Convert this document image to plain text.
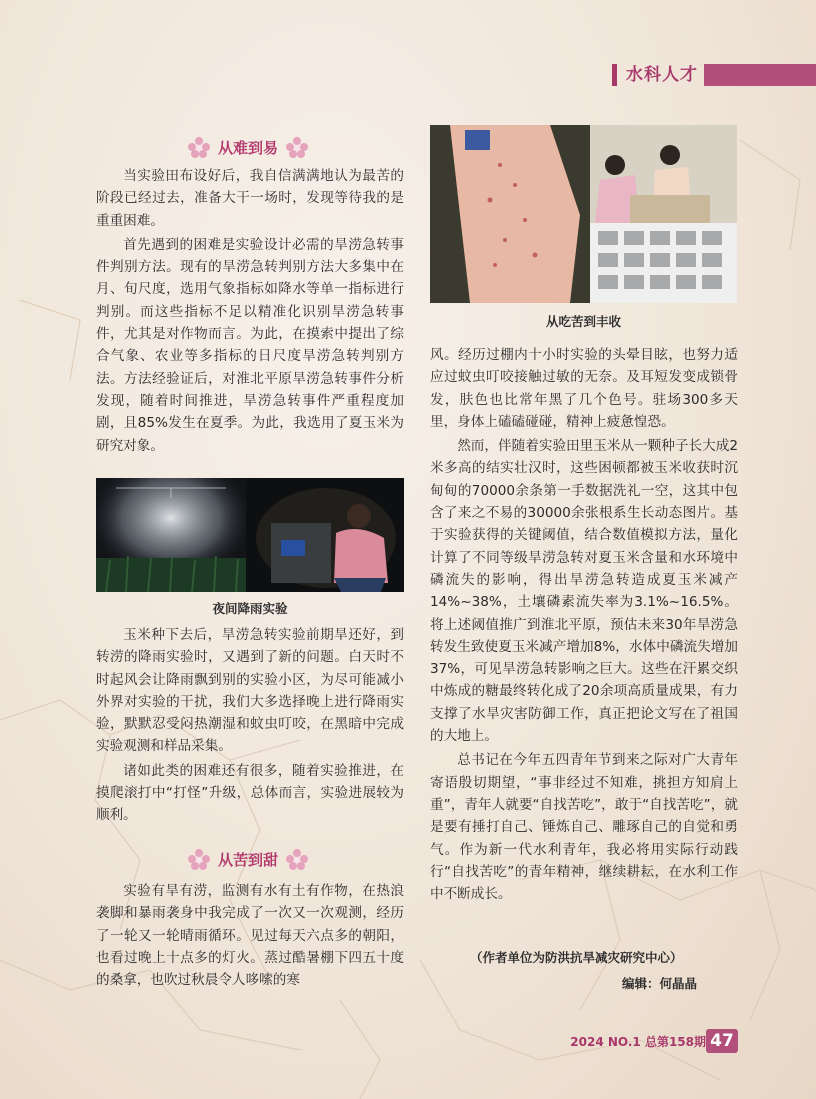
水科人才
从难到易

当实验田布设好后，我自信满满地认为最苦的阶段已经过去，准备大干一场时，发现等待我的是重重困难。

首先遇到的困难是实验设计必需的旱涝急转事件判别方法。现有的旱涝急转判别方法大多集中在月、旬尺度，选用气象指标如降水等单一指标进行判别。而这些指标不足以精准化识别旱涝急转事件，尤其是对作物而言。为此，在摸索中提出了综合气象、农业等多指标的日尺度旱涝急转判别方法。方法经验证后，对淮北平原旱涝急转事件分析发现，随着时间推进，旱涝急转事件严重程度加剧，且85%发生在夏季。为此，我选用了夏玉米为研究对象。

夜间降雨实验

玉米种下去后，旱涝急转实验前期旱还好，到转涝的降雨实验时，又遇到了新的问题。白天时不时起风会让降雨飘到别的实验小区，为尽可能减小外界对实验的干扰，我们大多选择晚上进行降雨实验，默默忍受闷热潮湿和蚊虫叮咬，在黑暗中完成实验观测和样品采集。

诸如此类的困难还有很多，随着实验推进，在摸爬滚打中“打怪”升级，总体而言，实验进展较为顺利。

从苦到甜

实验有旱有涝，监测有水有土有作物，在热浪袭脚和暴雨袭身中我完成了一次又一次观测，经历了一轮又一轮晴雨循环。见过每天六点多的朝阳，也看过晚上十点多的灯火。蒸过酷暑棚下四五十度的桑拿，也吹过秋晨令人哆嗦的寒

从吃苦到丰收

风。经历过棚内十小时实验的头晕目眩，也努力适应过蚊虫叮咬接触过敏的无奈。及耳短发变成锁骨发，肤色也比常年黑了几个色号。驻场300多天里，身体上磕磕碰碰，精神上疲惫惶恐。

然而，伴随着实验田里玉米从一颗种子长大成2米多高的结实壮汉时，这些困顿都被玉米收获时沉甸甸的70000余条第一手数据洗礼一空，这其中包含了来之不易的30000余张根系生长动态图片。基于实验获得的关键阈值，结合数值模拟方法，量化计算了不同等级旱涝急转对夏玉米含量和水环境中磷流失的影响，得出旱涝急转造成夏玉米减产14%~38%，土壤磷素流失率为3.1%~16.5%。将上述阈值推广到淮北平原，预估未来30年旱涝急转发生致使夏玉米减产增加8%，水体中磷流失增加37%，可见旱涝急转影响之巨大。这些在汗累交织中炼成的糖最终转化成了20余项高质量成果，有力支撑了水旱灾害防御工作，真正把论文写在了祖国的大地上。

总书记在今年五四青年节到来之际对广大青年寄语殷切期望，“事非经过不知难，挑担方知肩上重”，青年人就要“自找苦吃”，敢于“自找苦吃”，就是要有捶打自己、锤炼自己、雕琢自己的自觉和勇气。作为新一代水利青年，我必将用实际行动践行“自找苦吃”的青年精神，继续耕耘，在水利工作中不断成长。

（作者单位为防洪抗旱减灾研究中心）
编辑：何晶晶
2024 NO.1 总第158期 47
